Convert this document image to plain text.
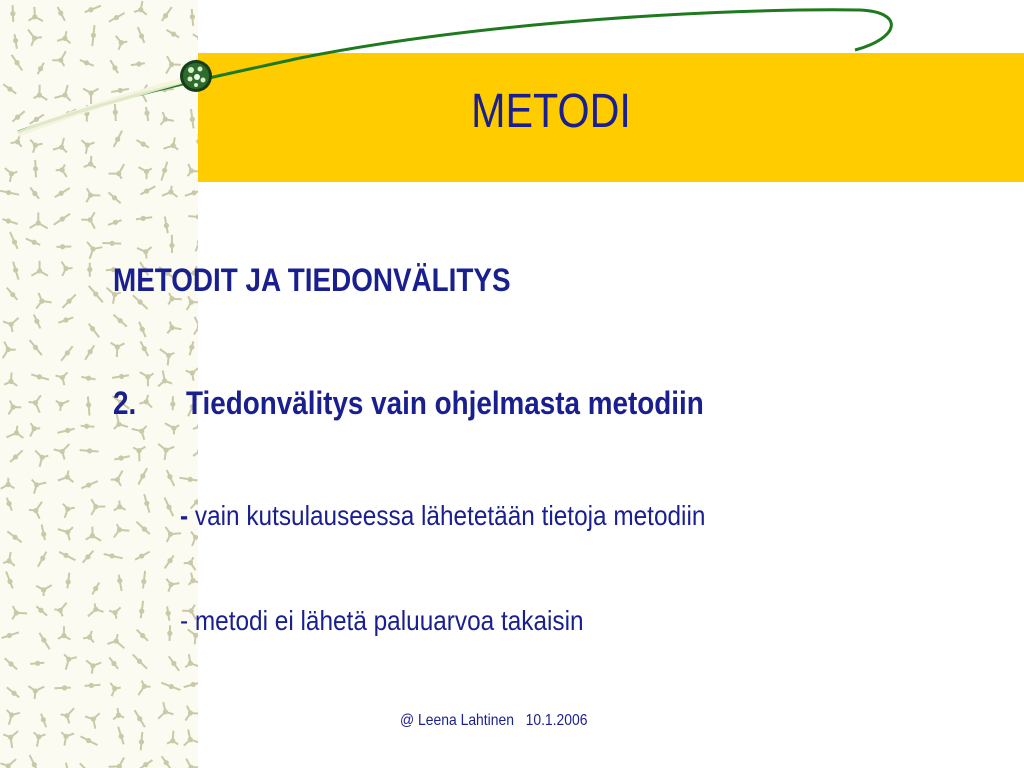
METODI
METODIT JA TIEDONVÄLITYS
2. Tiedonvälitys vain ohjelmasta metodiin
- vain kutsulauseessa lähetetään tietoja metodiin
- metodi ei lähetä paluuarvoa takaisin
@ Leena Lahtinen   10.1.2006
